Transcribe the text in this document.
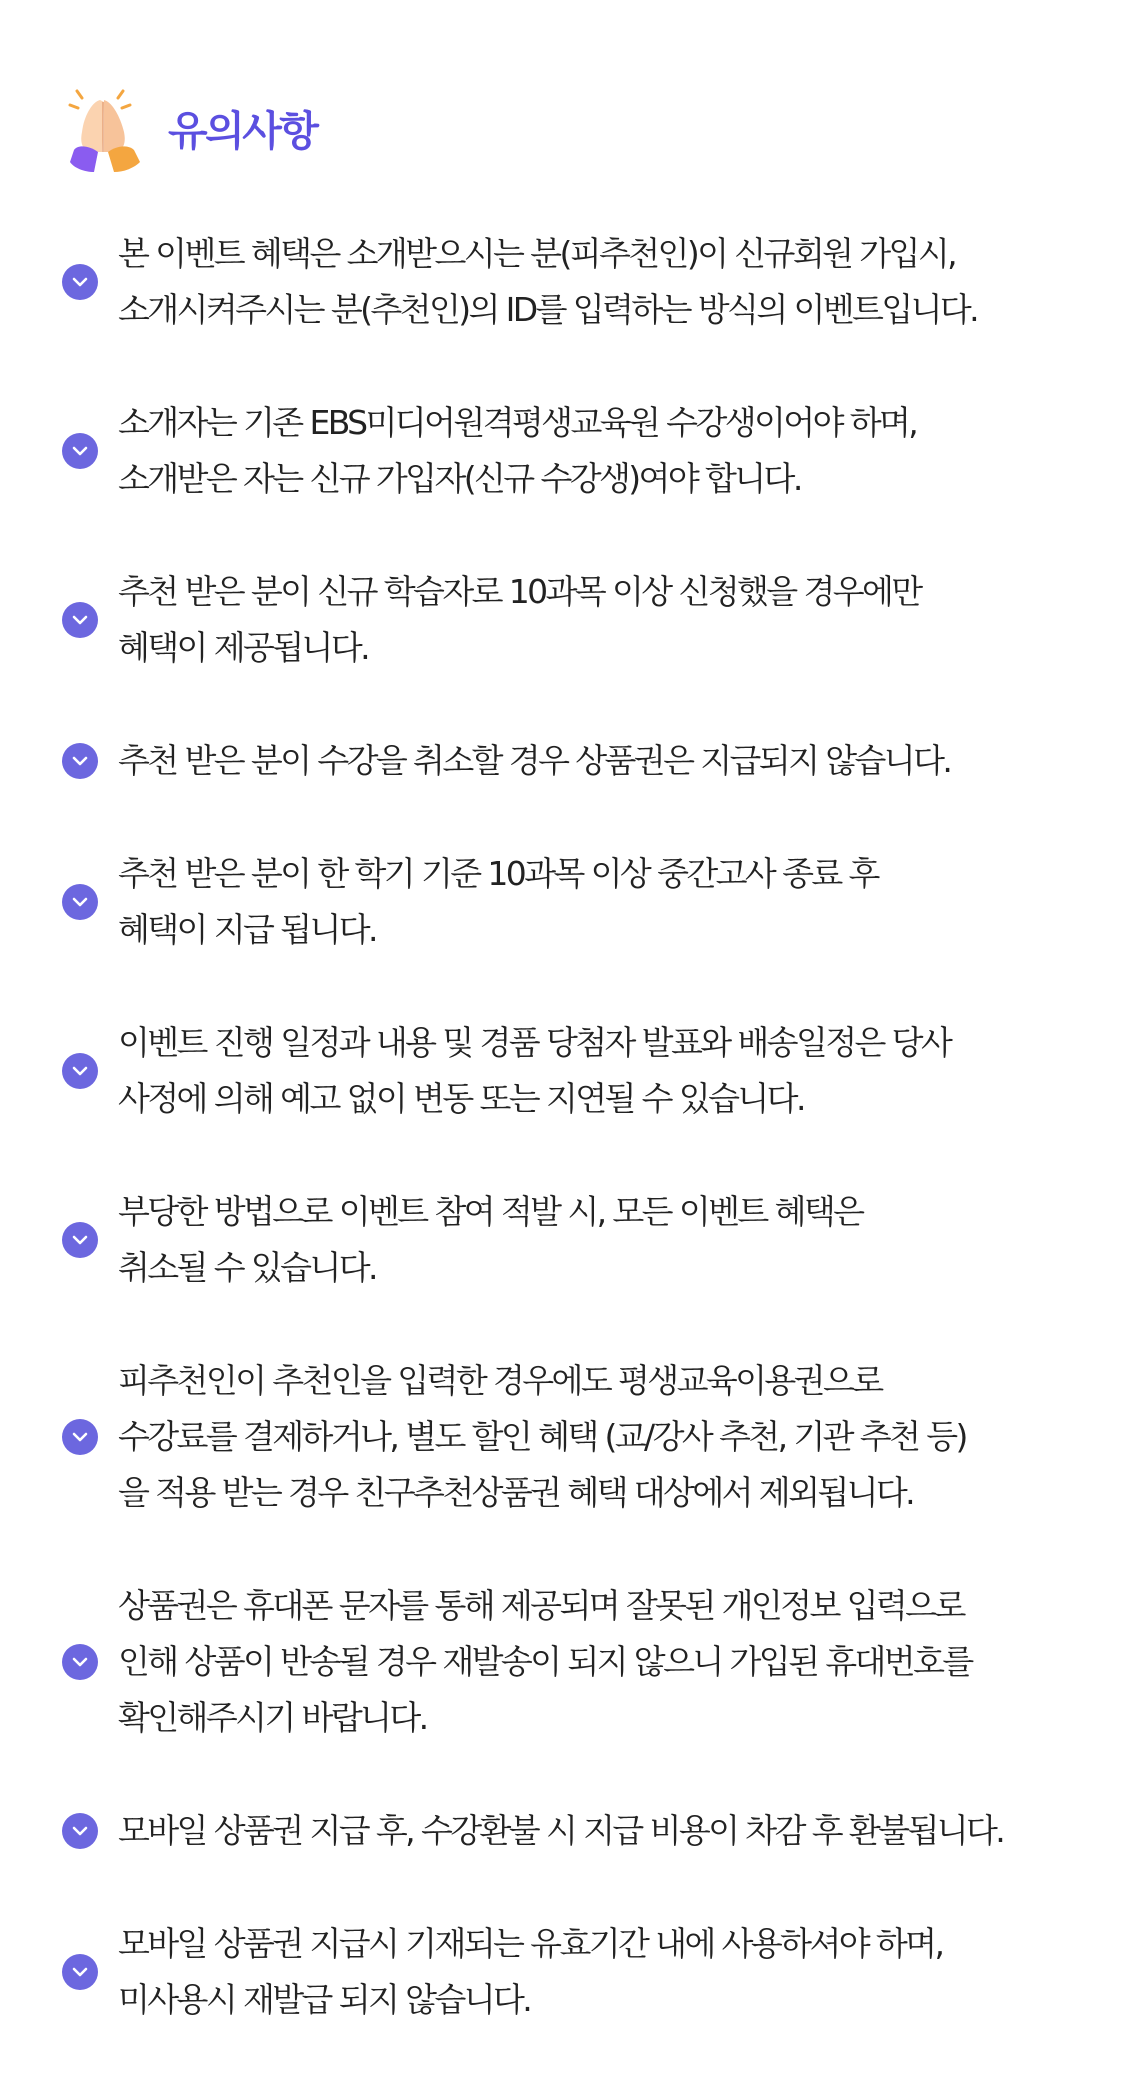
유의사항
본 이벤트 혜택은 소개받으시는 분(피추천인)이 신규회원 가입시,
소개시켜주시는 분(추천인)의 ID를 입력하는 방식의 이벤트입니다.
소개자는 기존 EBS미디어원격평생교육원 수강생이어야 하며,
소개받은 자는 신규 가입자(신규 수강생)여야 합니다.
추천 받은 분이 신규 학습자로 10과목 이상 신청했을 경우에만
혜택이 제공됩니다.
추천 받은 분이 수강을 취소할 경우 상품권은 지급되지 않습니다.
추천 받은 분이 한 학기 기준 10과목 이상 중간고사 종료 후
혜택이 지급 됩니다.
이벤트 진행 일정과 내용 및 경품 당첨자 발표와 배송일정은 당사
사정에 의해 예고 없이 변동 또는 지연될 수 있습니다.
부당한 방법으로 이벤트 참여 적발 시, 모든 이벤트 혜택은
취소될 수 있습니다.
피추천인이 추천인을 입력한 경우에도 평생교육이용권으로
수강료를 결제하거나, 별도 할인 혜택 (교/강사 추천, 기관 추천 등)
을 적용 받는 경우 친구추천상품권 혜택 대상에서 제외됩니다.
상품권은 휴대폰 문자를 통해 제공되며 잘못된 개인정보 입력으로
인해 상품이 반송될 경우 재발송이 되지 않으니 가입된 휴대번호를
확인해주시기 바랍니다.
모바일 상품권 지급 후, 수강환불 시 지급 비용이 차감 후 환불됩니다.
모바일 상품권 지급시 기재되는 유효기간 내에 사용하셔야 하며,
미사용시 재발급 되지 않습니다.
